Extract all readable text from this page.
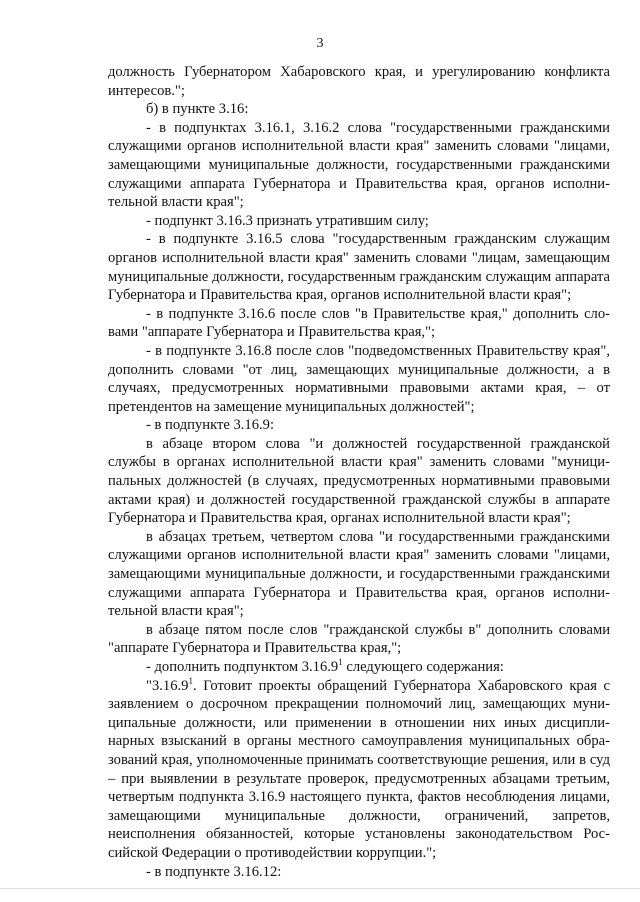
3

должность Губернатором Хабаровского края, и урегулированию конфликта интересов.";

б) в пункте 3.16:

- в подпунктах 3.16.1, 3.16.2 слова "государственными гражданскими служащими органов исполнительной власти края" заменить словами "лицами, замещающими муниципальные должности, государственными гражданскими служащими аппарата Губернатора и Правительства края, органов исполнительной власти края";

- подпункт 3.16.3 признать утратившим силу;

- в подпункте 3.16.5 слова "государственным гражданским служащим органов исполнительной власти края" заменить словами "лицам, замещающим муниципальные должности, государственным гражданским служащим аппарата Губернатора и Правительства края, органов исполнительной власти края";

- в подпункте 3.16.6 после слов "в Правительстве края," дополнить словами "аппарате Губернатора и Правительства края,";

- в подпункте 3.16.8 после слов "подведомственных Правительству края", дополнить словами "от лиц, замещающих муниципальные должности, а в случаях, предусмотренных нормативными правовыми актами края, – от претендентов на замещение муниципальных должностей";

- в подпункте 3.16.9:

в абзаце втором слова "и должностей государственной гражданской службы в органах исполнительной власти края" заменить словами "муниципальных должностей (в случаях, предусмотренных нормативными правовыми актами края) и должностей государственной гражданской службы в аппарате Губернатора и Правительства края, органах исполнительной власти края";

в абзацах третьем, четвертом слова "и государственными гражданскими служащими органов исполнительной власти края" заменить словами "лицами, замещающими муниципальные должности, и государственными гражданскими служащими аппарата Губернатора и Правительства края, органов исполнительной власти края";

в абзаце пятом после слов "гражданской службы в" дополнить словами "аппарате Губернатора и Правительства края,";

- дополнить подпунктом 3.16.9$^1$ следующего содержания:

"3.16.9$^1$. Готовит проекты обращений Губернатора Хабаровского края с заявлением о досрочном прекращении полномочий лиц, замещающих муниципальные должности, или применении в отношении них иных дисциплинарных взысканий в органы местного самоуправления муниципальных образований края, уполномоченные принимать соответствующие решения, или в суд – при выявлении в результате проверок, предусмотренных абзацами третьим, четвертым подпункта 3.16.9 настоящего пункта, фактов несоблюдения лицами, замещающими муниципальные должности, ограничений, запретов, неисполнения обязанностей, которые установлены законодательством Российской Федерации о противодействии коррупции.";

- в подпункте 3.16.12:
